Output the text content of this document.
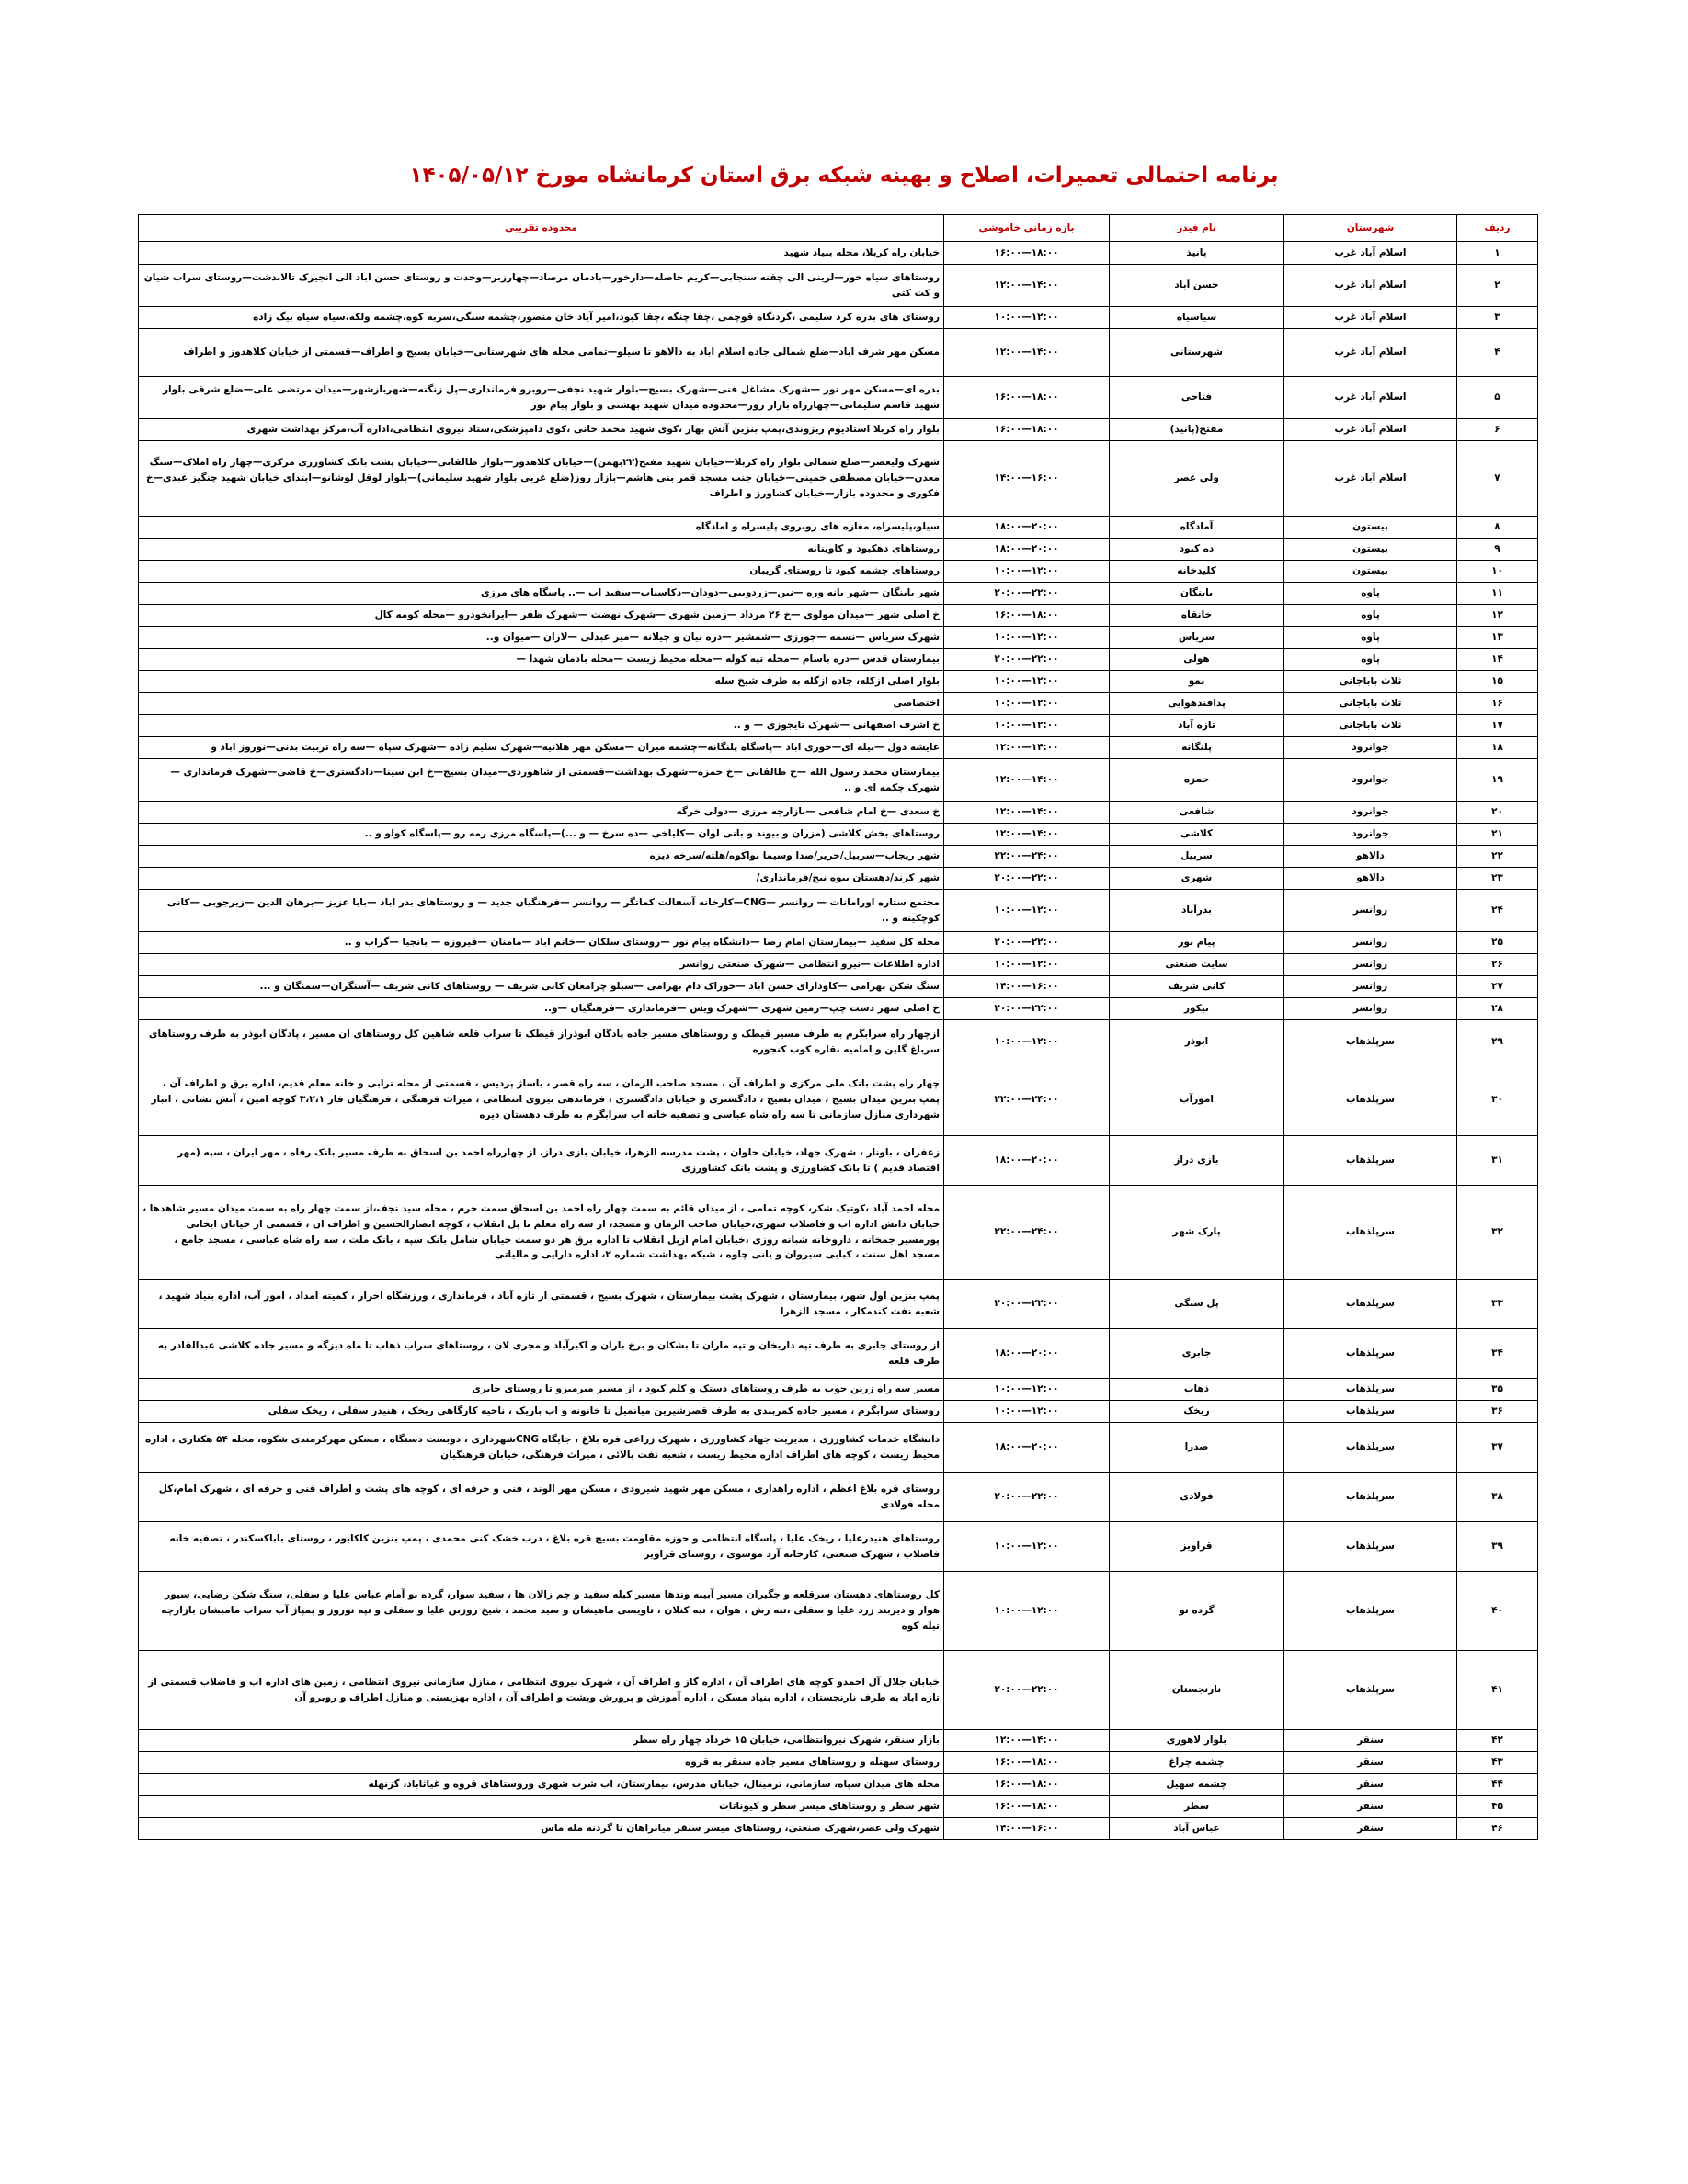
برنامه احتمالی تعمیرات، اصلاح و بهینه شبکه برق استان کرمانشاه مورخ ۱۴۰۵/۰۵/۱۲
ردیف	شهرستان	نام فیدر	بازه زمانی خاموشی	محدوده تقریبی
۱	اسلام آباد غرب	پانیذ	۱۶:۰۰—۱۸:۰۰	خیابان راه کربلا، محله بنیاد شهید
۲	اسلام آباد غرب	حسن آباد	۱۲:۰۰—۱۴:۰۰	روستاهای سیاه خور—لرینی الی چقنه سنجابی—کریم حاصله—دارخور—بادمان مرصاد—چهارزبر—وحدت و روستای حسن اباد الی انجیرک تالاندشت—روستای سراب شیان و کت کتی
۳	اسلام آباد غرب	سیاسیاه	۱۰:۰۰—۱۲:۰۰	روستای های بدره کرد سلیمی ،گردنگاه قوچمی ،چقا چنگه ،چقا کبود،امیر آباد خان منصور،چشمه سنگی،سربه کوه،چشمه ولکه،سیاه سیاه بیگ زاده
۴	اسلام آباد غرب	شهرستانی	۱۲:۰۰—۱۴:۰۰	مسکن مهر شرف اباد—ضلع شمالی جاده اسلام اباد به دالاهو تا سیلو—تمامی محله های شهرستانی—خیابان بسیج و اطراف—قسمتی از خیابان کلاهدوز و اطراف
۵	اسلام آباد غرب	فتاحی	۱۶:۰۰—۱۸:۰۰	بدره ای—مسکن مهر نور —شهرک مشاغل فنی—شهرک بسیج—بلوار شهید نجفی—روبرو فرمانداری—پل زنگنه—شهربازشهر—میدان مرتضی علی—ضلع شرقی بلوار شهید قاسم سلیمانی—چهارراه بازار روز—محدوده میدان شهید بهشتی و بلوار پیام نور
۶	اسلام آباد غرب	مفتح(پانیذ)	۱۶:۰۰—۱۸:۰۰	بلوار راه کربلا استادیوم ریزوندی،پمپ بنزین آتش بهار ،کوی شهید محمد خانی ،کوی دامپزشکی،ستاد نیروی انتظامی،اداره آب،مرکز بهداشت شهری
۷	اسلام آباد غرب	ولی عصر	۱۴:۰۰—۱۶:۰۰	شهرک ولیعصر—ضلع شمالی بلوار راه کربلا—خیابان شهید مفتح(۲۲بهمن)—خیابان کلاهدوز—بلوار طالقانی—خیابان پشت بانک کشاورزی مرکزی—چهار راه املاک—سنگ معدن—خیابان مصطفی خمینی—خیابان جنب مسجد قمر بنی هاشم—بازار روز(ضلع غربی بلوار شهید سلیمانی)—بلوار لوقل لوشانو—ابتدای خیابان شهید چنگیز عبدی—خ فکوری و محدوده بازار—خیابان کشاورز و اطراف
۸	بیستون	آمادگاه	۱۸:۰۰—۲۰:۰۰	سیلو،پلیسراه، مغازه های روبروی پلیسراه و امادگاه
۹	بیستون	ده کبود	۱۸:۰۰—۲۰:۰۰	روستاهای دهکبود و کاوینانه
۱۰	بیستون	کلیدخانه	۱۰:۰۰—۱۲:۰۰	روستاهای چشمه کبود تا روستای گریبان
۱۱	پاوه	بابنگان	۲۰:۰۰—۲۲:۰۰	شهر بابنگان —شهر بانه وره —نین—زردوییی—دودان—دکاسیاب—سفید اب —.. پاسگاه های مرزی
۱۲	پاوه	خانقاه	۱۶:۰۰—۱۸:۰۰	خ اصلی شهر —میدان مولوی —خ ۲۶ مرداد —زمین شهری —شهرک نهضت —شهرک ظفر —ایرانخودرو —محله کومه کال
۱۳	پاوه	سریاس	۱۰:۰۰—۱۲:۰۰	شهرک سریاس —نسمه —جورزی —شمشیر —دره بیان و چیلانه —میر عبدلی —لاران —میوان و..
۱۴	پاوه	هولی	۲۰:۰۰—۲۲:۰۰	بیمارستان قدس —دره باسام —محله تپه کوله —محله محیط زیست —محله بادمان شهدا —
۱۵	ثلاث باباجانی	بمو	۱۰:۰۰—۱۲:۰۰	بلوار اصلی ازکله، جاده ازگله به طرف شیخ سله
۱۶	ثلاث باباجانی	پدافندهوایی	۱۰:۰۰—۱۲:۰۰	اختصاصی
۱۷	ثلاث باباجانی	تازه آباد	۱۰:۰۰—۱۲:۰۰	خ اشرف اصفهانی —شهرک تایجوزی — و ..
۱۸	جوانرود	پلنگانه	۱۲:۰۰—۱۴:۰۰	عایشه دول —بیله ای—حوری اباد —پاسگاه پلنگانه—چشمه میران —مسکن مهر هلانیه—شهرک سلیم زاده —شهرک سپاه —سه راه تربیت بدنی—نوروز اباد و
۱۹	جوانرود	حمزه	۱۲:۰۰—۱۴:۰۰	بیمارستان محمد رسول الله —خ طالقانی —خ حمزه—شهرک بهداشت—قسمتی از شاهوردی—میدان بسیج—خ ابن سینا—دادگستری—خ قاضی—شهرک فرمانداری —شهرک چکمه ای و ..
۲۰	جوانرود	شافعی	۱۲:۰۰—۱۴:۰۰	خ سعدی —خ امام شافعی —بازارچه مرزی —دولی خرگه
۲۱	جوانرود	کلاشی	۱۲:۰۰—۱۴:۰۰	روستاهای بخش کلاشی (مزران و بیوند و بانی لوان —کلیاخی —ده سرخ — و ...)—پاسگاه مرزی رمه رو —پاسگاه کولو و ..
۲۲	دالاهو	سربیل	۲۲:۰۰—۲۴:۰۰	شهر ریجاب—سربیل/حریر/صدا وسیما نواکوه/هلته/سرخه دیزه
۲۳	دالاهو	شهری	۲۰:۰۰—۲۲:۰۰	شهر کرند/دهستان بیوه نیج/فرمانداری/
۲۴	روانسر	بدرآباد	۱۰:۰۰—۱۲:۰۰	مجتمع ستاره اورامانات — روانسر —CNG—کارخانه آسفالت کماتگر — روانسر —فرهنگیان جدید — و روستاهای بدر اباد —بابا عزیز —برهان الدین —زیرجوبی —کانی کوچکینه و ..
۲۵	روانسر	پیام نور	۲۰:۰۰—۲۲:۰۰	محله کل سفید —بیمارستان امام رضا —دانشگاه پیام نور —روستای سلکان —خانم اباد —مامنان —فیروزه — بانجیا —گراب و ..
۲۶	روانسر	سایت صنعتی	۱۰:۰۰—۱۲:۰۰	اداره اطلاعات —نیرو انتظامی —شهرک صنعتی روانسر
۲۷	روانسر	کانی شریف	۱۴:۰۰—۱۶:۰۰	سنگ شکن بهرامی —کاودارای حسن اباد —خوراک دام بهرامی —سیلو چرامغان کانی شریف — روستاهای کانی شریف —آسنگران—سمنگان و ...
۲۸	روانسر	نیکور	۲۰:۰۰—۲۲:۰۰	خ اصلی شهر دست چپ—زمین شهری —شهرک ویس —فرمانداری —فرهنگیان —و..
۲۹	سرپلذهاب	ابوذر	۱۰:۰۰—۱۲:۰۰	ازچهار راه سرابگرم به طرف مسیر قیطک و روستاهای مسیر جاده پادگان ابوذراز قیطک تا سراب قلعه شاهین کل روستاهای ان مسیر ، پادگان ابوذر به طرف روستاهای سرباغ گلین و امامیه نقاره کوب کنجوره
۳۰	سرپلذهاب	امورآب	۲۲:۰۰—۲۴:۰۰	چهار راه پشت بانک ملی مرکزی و اطراف آن ، مسجد صاحب الزمان ، سه راه قصر ، باساژ پردیس ، قسمتی از محله ترابی و خانه معلم قدیم، اداره برق و اطراف آن ، پمپ بنزین میدان بسیج ، میدان بسیج ، دادگستری و خیابان دادگستری ، فرماندهی نیروی انتظامی ، میراث فرهنگی ، فرهنگیان فاز ۳،۲،۱ کوچه امین ، آتش نشانی ، انبار شهرداری منازل سازمانی تا سه راه شاه عباسی و تصفیه خانه اب سرابگرم به طرف دهستان دیره
۳۱	سرپلذهاب	بازی دراز	۱۸:۰۰—۲۰:۰۰	زعفران ، باونار ، شهرک جهاد، خیابان حلوان ، پشت مدرسه الزهرا، خیابان بازی دراز، از چهارراه احمد بن اسحاق به طرف مسیر بانک رفاه ، مهر ایران ، سپه (مهر اقتصاد قدیم ) تا بانک کشاورزی و پشت بانک کشاورزی
۳۲	سرپلذهاب	پارک شهر	۲۲:۰۰—۲۴:۰۰	محله احمد آباد ،کوتیک شکر، کوچه تمامی ، از میدان قائم به سمت چهار راه احمد بن اسحاق سمت حرم ، محله سید نجف،از سمت چهار راه به سمت میدان مسیر شاهدها ، خیابان دانش اداره اب و فاضلاب شهری،خیابان صاحب الزمان و مسجد، از سه راه معلم تا پل انقلاب ، کوچه انصارالحسین و اطراف ان ، قسمتی از خیابان ایخانی پورمسیر جمخانه ، داروخانه شبانه روزی ،خیابان امام ازپل انقلاب تا اداره برق هر دو سمت خیابان شامل بانک سپه ، بانک ملت ، سه راه شاه عباسی ، مسجد جامع ، مسجد اهل سنت ، کبابی سیروان و بانی چاوه ، شبکه بهداشت شماره ۲، اداره دارایی و مالیاتی
۳۳	سرپلذهاب	پل سنگی	۲۰:۰۰—۲۲:۰۰	پمپ بنزین اول شهر، بیمارستان ، شهرک پشت بیمارستان ، شهرک بسیج ، قسمتی از تازه آباد ، فرمانداری ، ورزشگاه احرار ، کمیته امداد ، امور آب، اداره بنیاد شهید ، شعبه نفت کندمکار ، مسجد الزهرا
۳۴	سرپلذهاب	جابری	۱۸:۰۰—۲۰:۰۰	از روستای جابری به طرف تپه داریخان و تپه ماران تا بشکان و برخ باران و اکبرآباد و مجری لان ، روستاهای سراب ذهاب تا ماه دیزگه و مسیر جاده کلاشی عبدالقادر به طرف قلعه
۳۵	سرپلذهاب	ذهاب	۱۰:۰۰—۱۲:۰۰	مسیر سه راه زرین جوب به طرف روستاهای دستک و کلم کبود ، از مسیر میرمیرو تا روستای جابری
۳۶	سرپلذهاب	ریخک	۱۰:۰۰—۱۲:۰۰	روستای سرابگرم ، مسیر جاده کمربندی به طرف قصرشیرین میانمیل تا خانونه و اب باریک ، ناحیه کارگاهی ریخک ، هنیدر سفلی ، ریخک سفلی
۳۷	سرپلذهاب	صدرا	۱۸:۰۰—۲۰:۰۰	دانشگاه خدمات کشاورزی ، مدیریت جهاد کشاورزی ، شهرک زراعی فره بلاغ ، جایگاه CNGشهرداری ، دوبست دستگاه ، مسکن مهرکرمندی شکوه، محله ۵۴ هکتاری ، اداره محیط زیست ، کوچه های اطراف اداره محیط زیست ، شعبه نفت بالائی ، میراث فرهنگی، خیابان فرهنگیان
۳۸	سرپلذهاب	فولادی	۲۰:۰۰—۲۲:۰۰	روستای قره بلاغ اعظم ، اداره راهداری ، مسکن مهر شهید شیرودی ، مسکن مهر الوند ، فنی و حرفه ای ، کوچه های پشت و اطراف فنی و حرفه ای ، شهرک امام،کل محله فولادی
۳۹	سرپلذهاب	قراویز	۱۰:۰۰—۱۲:۰۰	روستاهای هنیدرعلیا ، ریخک علیا ، پاسگاه انتظامی و حوزه مقاومت بسیج قره بلاغ ، درب خشک کنی محمدی ، پمپ بنزین کاکابور ، روستای باباکسکندر ، تصفیه خانه فاضلاب ، شهرک صنعتی، کارخانه آرد موسوی ، روستای قراویز
۴۰	سرپلذهاب	گرده نو	۱۰:۰۰—۱۲:۰۰	کل روستاهای دهستان سرقلعه و جگیران مسیر آبینه وندها مسیر کبله سفید و چم زالان ها ، سفید سوار، گرده نو آمام عباس علیا و سفلی، سنگ شکن رضایی، سیور هوار و دیربند زرد علیا و سفلی ،تبه رش ، هوان ، تبه کنلان ، تاویسی ماهیشان و سید محمد ، شیخ روزبن علیا و سفلی و تپه نوروز و پمپاژ آب سراب مامیشان بازارچه تیله کوه
۴۱	سرپلذهاب	نارنجستان	۲۰:۰۰—۲۲:۰۰	خیابان جلال آل احمدو کوچه های اطراف آن ، اداره گاز و اطراف آن ، شهرک نیروی انتظامی ، منازل سازمانی نیروی انتظامی ، زمین های اداره اب و فاضلاب قسمتی از تازه اباد به طرف نارنجستان ، اداره بنیاد مسکن ، اداره آموزش و پرورش وپشت و اطراف آن ، اداره بهزیستی و منازل اطراف و روبرو آن
۴۲	سنقر	بلوار لاهوری	۱۲:۰۰—۱۴:۰۰	بازار سنقر، شهرک نیروانتظامی، خیابان ۱۵ خرداد چهار راه سطر
۴۳	سنقر	چشمه چراغ	۱۶:۰۰—۱۸:۰۰	روستای سهنله و روستاهای مسیر جاده سنقر به قروه
۴۴	سنقر	چشمه سهیل	۱۶:۰۰—۱۸:۰۰	محله های میدان سپاه، سازمانی، ترمینال، خیابان مدرس، بیمارستان، اب شرب شهری وروستاهای قروه و غیاثاباد، گزنهله
۴۵	سنقر	سطر	۱۶:۰۰—۱۸:۰۰	شهر سطر و روستاهای میسر سطر و کیوناتات
۴۶	سنقر	عباس آباد	۱۴:۰۰—۱۶:۰۰	شهرک ولی عصر،شهرک صنعتی، روستاهای میسر سنقر میانراهان تا گردنه مله ماس
